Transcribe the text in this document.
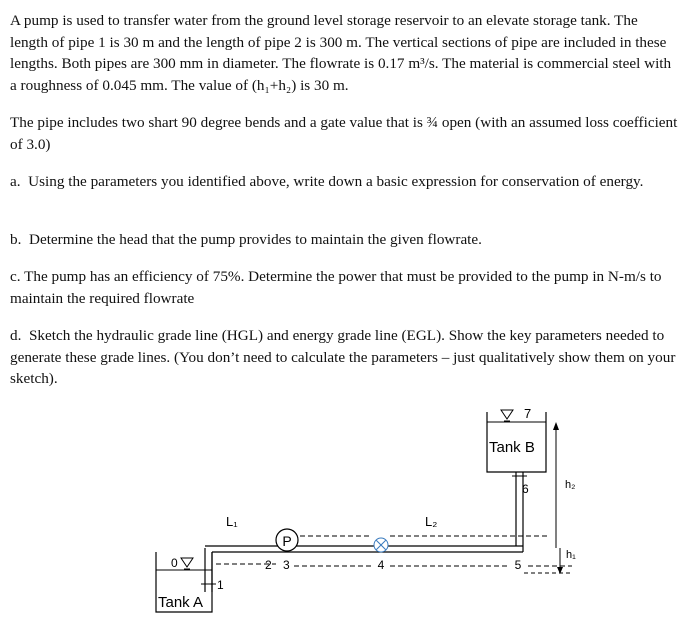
A pump is used to transfer water from the ground level storage reservoir to an elevate storage tank. The length of pipe 1 is 30 m and the length of pipe 2 is 300 m. The vertical sections of pipe are included in these lengths. Both pipes are 300 mm in diameter. The flowrate is 0.17 m³/s. The material is commercial steel with a roughness of 0.045 mm. The value of (h₁+h₂) is 30 m.

The pipe includes two shart 90 degree bends and a gate value that is ¾ open (with an assumed loss coefficient of 3.0)

a. Using the parameters you identified above, write down a basic expression for conservation of energy.

b. Determine the head that the pump provides to maintain the given flowrate.

c. The pump has an efficiency of 75%. Determine the power that must be provided to the pump in N-m/s to maintain the required flowrate

d. Sketch the hydraulic grade line (HGL) and energy grade line (EGL). Show the key parameters needed to generate these grade lines. (You don’t need to calculate the parameters – just qualitatively show them on your sketch).

Tank A
0
1
P
2 3	4	5
L₁	L₂
6
Tank B
7
h₂
h₁
